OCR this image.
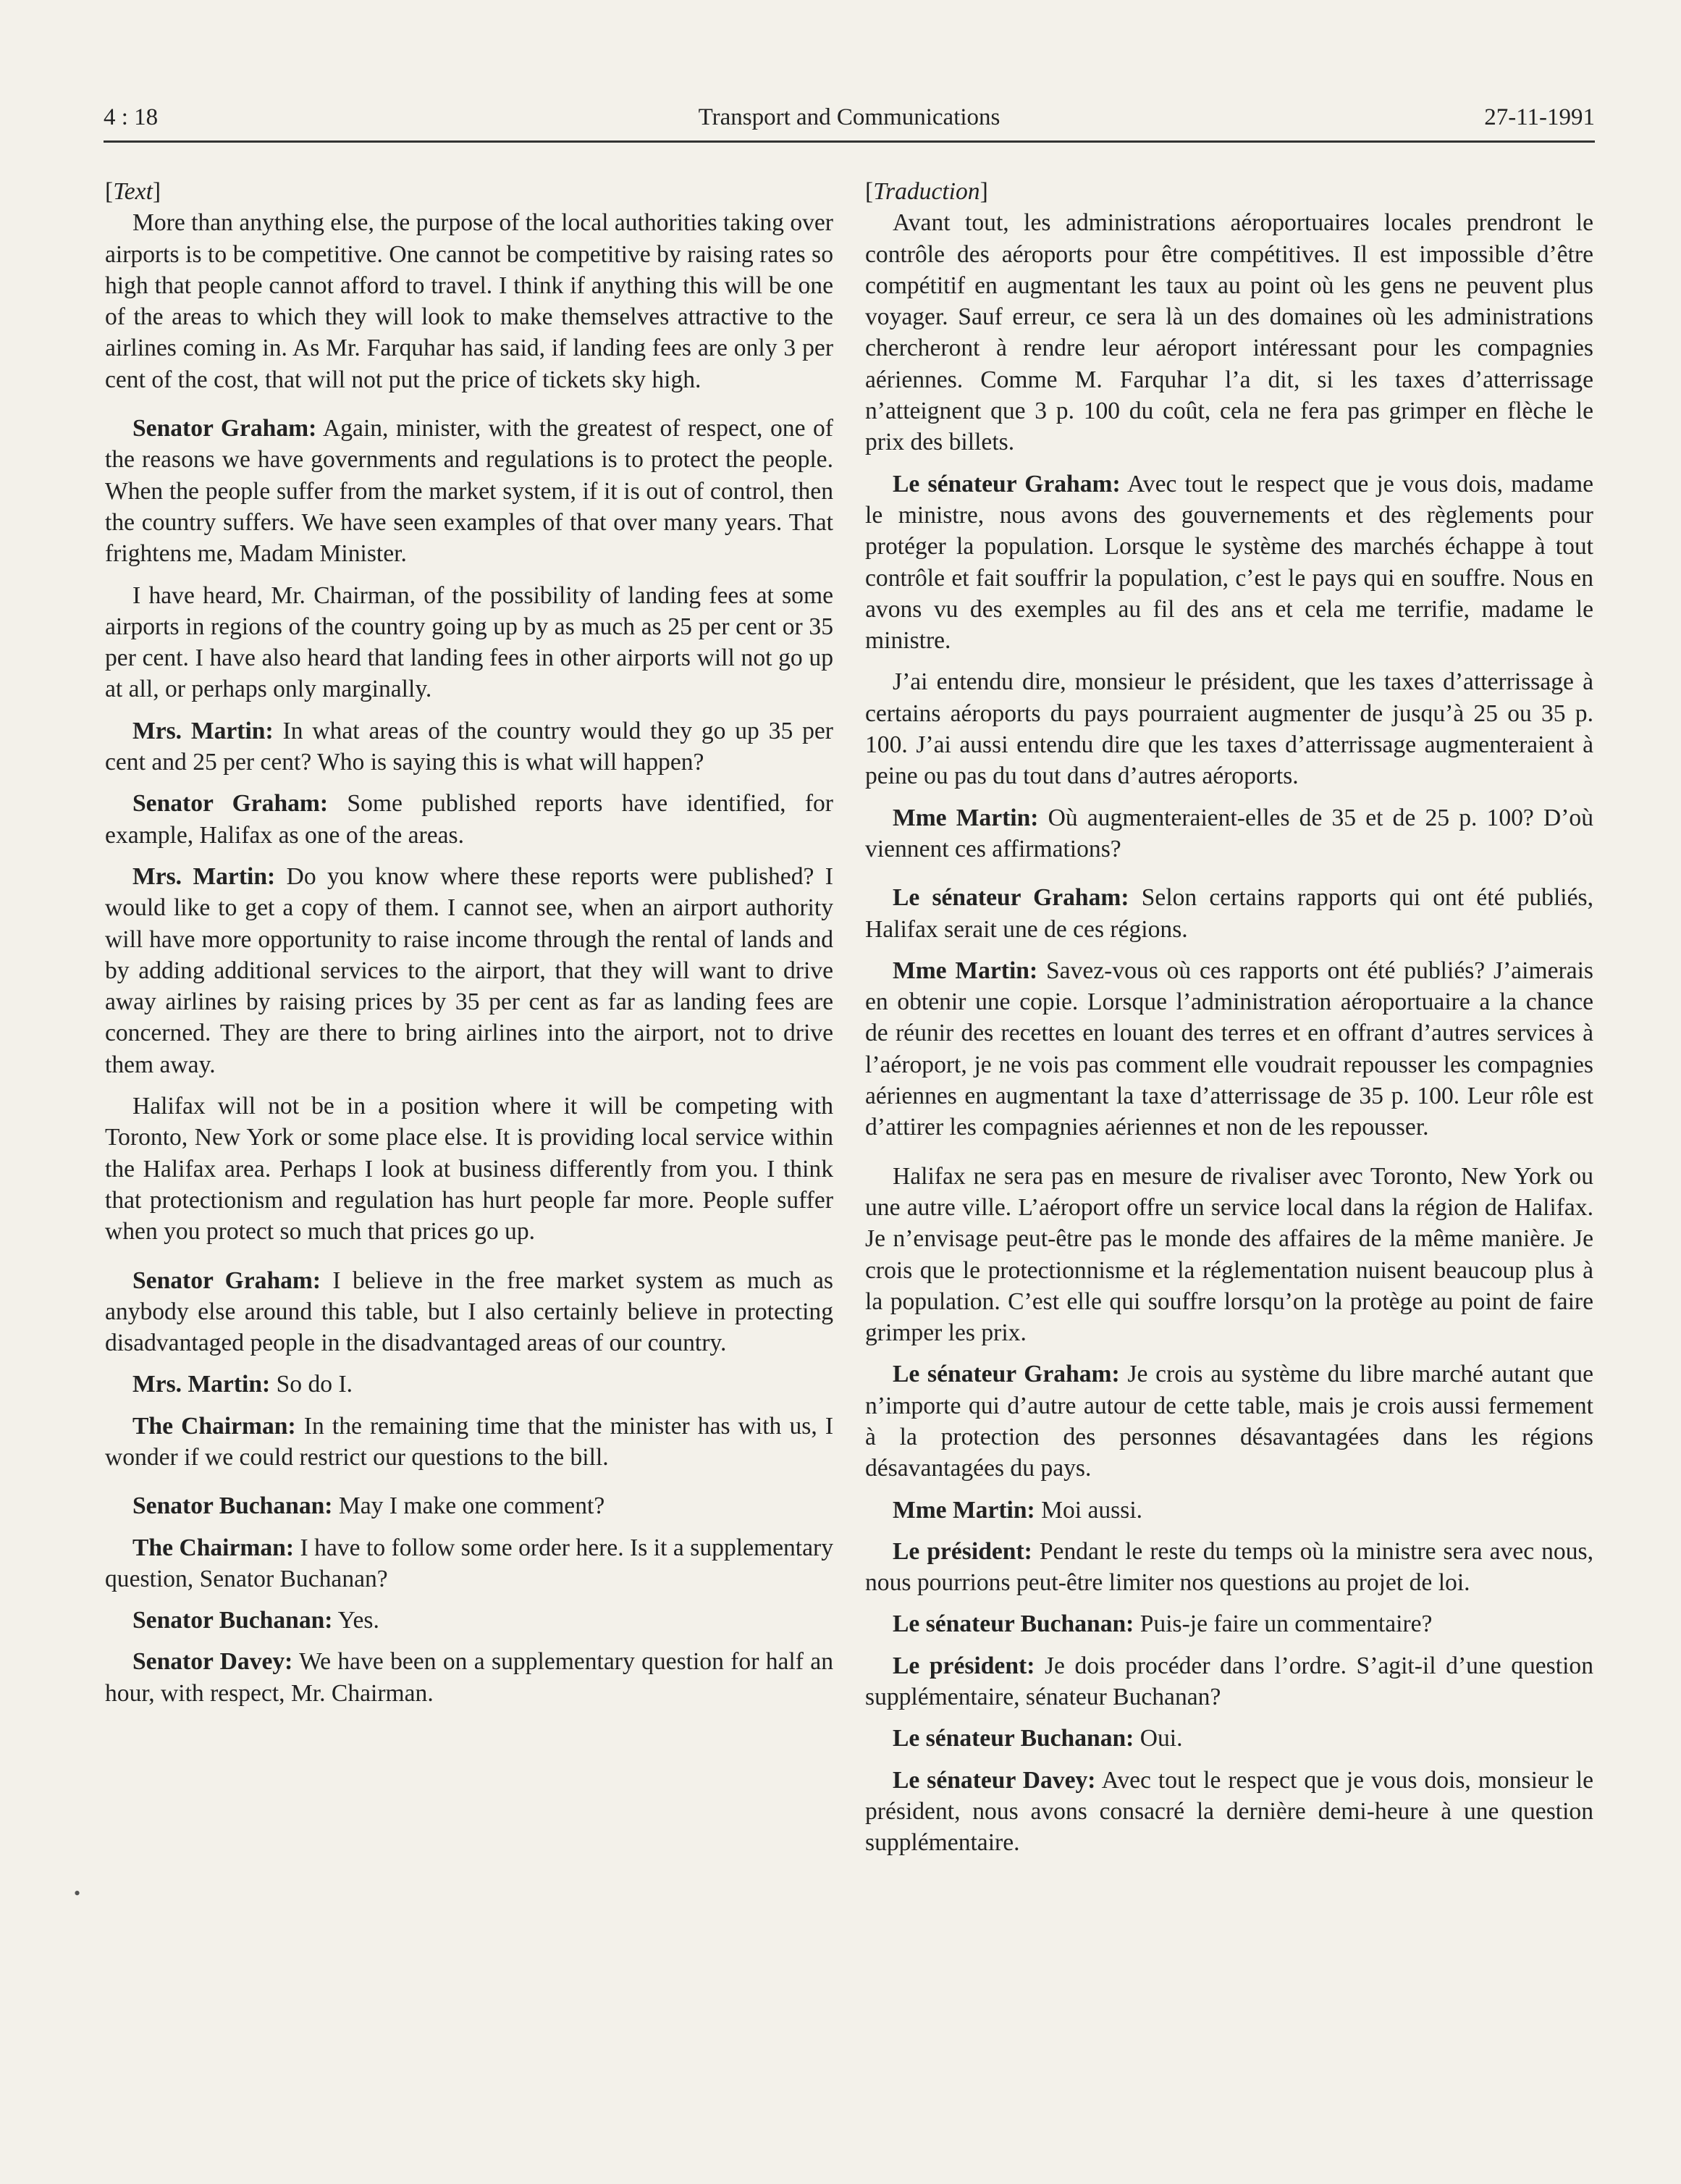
4 : 18	Transport and Communications	27-11-1991

[Text]

More than anything else, the purpose of the local authorities taking over airports is to be competitive. One cannot be competitive by raising rates so high that people cannot afford to travel. I think if anything this will be one of the areas to which they will look to make themselves attractive to the airlines coming in. As Mr. Farquhar has said, if landing fees are only 3 per cent of the cost, that will not put the price of tickets sky high.

Senator Graham: Again, minister, with the greatest of respect, one of the reasons we have governments and regulations is to protect the people. When the people suffer from the market system, if it is out of control, then the country suffers. We have seen examples of that over many years. That frightens me, Madam Minister.

I have heard, Mr. Chairman, of the possibility of landing fees at some airports in regions of the country going up by as much as 25 per cent or 35 per cent. I have also heard that landing fees in other airports will not go up at all, or perhaps only marginally.

Mrs. Martin: In what areas of the country would they go up 35 per cent and 25 per cent? Who is saying this is what will happen?

Senator Graham: Some published reports have identified, for example, Halifax as one of the areas.

Mrs. Martin: Do you know where these reports were published? I would like to get a copy of them. I cannot see, when an airport authority will have more opportunity to raise income through the rental of lands and by adding additional services to the airport, that they will want to drive away airlines by raising prices by 35 per cent as far as landing fees are concerned. They are there to bring airlines into the airport, not to drive them away.

Halifax will not be in a position where it will be competing with Toronto, New York or some place else. It is providing local service within the Halifax area. Perhaps I look at business differently from you. I think that protectionism and regulation has hurt people far more. People suffer when you protect so much that prices go up.

Senator Graham: I believe in the free market system as much as anybody else around this table, but I also certainly believe in protecting disadvantaged people in the disadvantaged areas of our country.

Mrs. Martin: So do I.

The Chairman: In the remaining time that the minister has with us, I wonder if we could restrict our questions to the bill.

Senator Buchanan: May I make one comment?

The Chairman: I have to follow some order here. Is it a supplementary question, Senator Buchanan?

Senator Buchanan: Yes.

Senator Davey: We have been on a supplementary question for half an hour, with respect, Mr. Chairman.

[Traduction]

Avant tout, les administrations aéroportuaires locales prendront le contrôle des aéroports pour être compétitives. Il est impossible d’être compétitif en augmentant les taux au point où les gens ne peuvent plus voyager. Sauf erreur, ce sera là un des domaines où les administrations chercheront à rendre leur aéroport intéressant pour les compagnies aériennes. Comme M. Farquhar l’a dit, si les taxes d’atterrissage n’atteignent que 3 p. 100 du coût, cela ne fera pas grimper en flèche le prix des billets.

Le sénateur Graham: Avec tout le respect que je vous dois, madame le ministre, nous avons des gouvernements et des règlements pour protéger la population. Lorsque le système des marchés échappe à tout contrôle et fait souffrir la population, c’est le pays qui en souffre. Nous en avons vu des exemples au fil des ans et cela me terrifie, madame le ministre.

J’ai entendu dire, monsieur le président, que les taxes d’atterrissage à certains aéroports du pays pourraient augmenter de jusqu’à 25 ou 35 p. 100. J’ai aussi entendu dire que les taxes d’atterrissage augmenteraient à peine ou pas du tout dans d’autres aéroports.

Mme Martin: Où augmenteraient-elles de 35 et de 25 p. 100? D’où viennent ces affirmations?

Le sénateur Graham: Selon certains rapports qui ont été publiés, Halifax serait une de ces régions.

Mme Martin: Savez-vous où ces rapports ont été publiés? J’aimerais en obtenir une copie. Lorsque l’administration aéroportuaire a la chance de réunir des recettes en louant des terres et en offrant d’autres services à l’aéroport, je ne vois pas comment elle voudrait repousser les compagnies aériennes en augmentant la taxe d’atterrissage de 35 p. 100. Leur rôle est d’attirer les compagnies aériennes et non de les repousser.

Halifax ne sera pas en mesure de rivaliser avec Toronto, New York ou une autre ville. L’aéroport offre un service local dans la région de Halifax. Je n’envisage peut-être pas le monde des affaires de la même manière. Je crois que le protectionnisme et la réglementation nuisent beaucoup plus à la population. C’est elle qui souffre lorsqu’on la protège au point de faire grimper les prix.

Le sénateur Graham: Je crois au système du libre marché autant que n’importe qui d’autre autour de cette table, mais je crois aussi fermement à la protection des personnes désavantagées dans les régions désavantagées du pays.

Mme Martin: Moi aussi.

Le président: Pendant le reste du temps où la ministre sera avec nous, nous pourrions peut-être limiter nos questions au projet de loi.

Le sénateur Buchanan: Puis-je faire un commentaire?

Le président: Je dois procéder dans l’ordre. S’agit-il d’une question supplémentaire, sénateur Buchanan?

Le sénateur Buchanan: Oui.

Le sénateur Davey: Avec tout le respect que je vous dois, monsieur le président, nous avons consacré la dernière demi-heure à une question supplémentaire.

•
